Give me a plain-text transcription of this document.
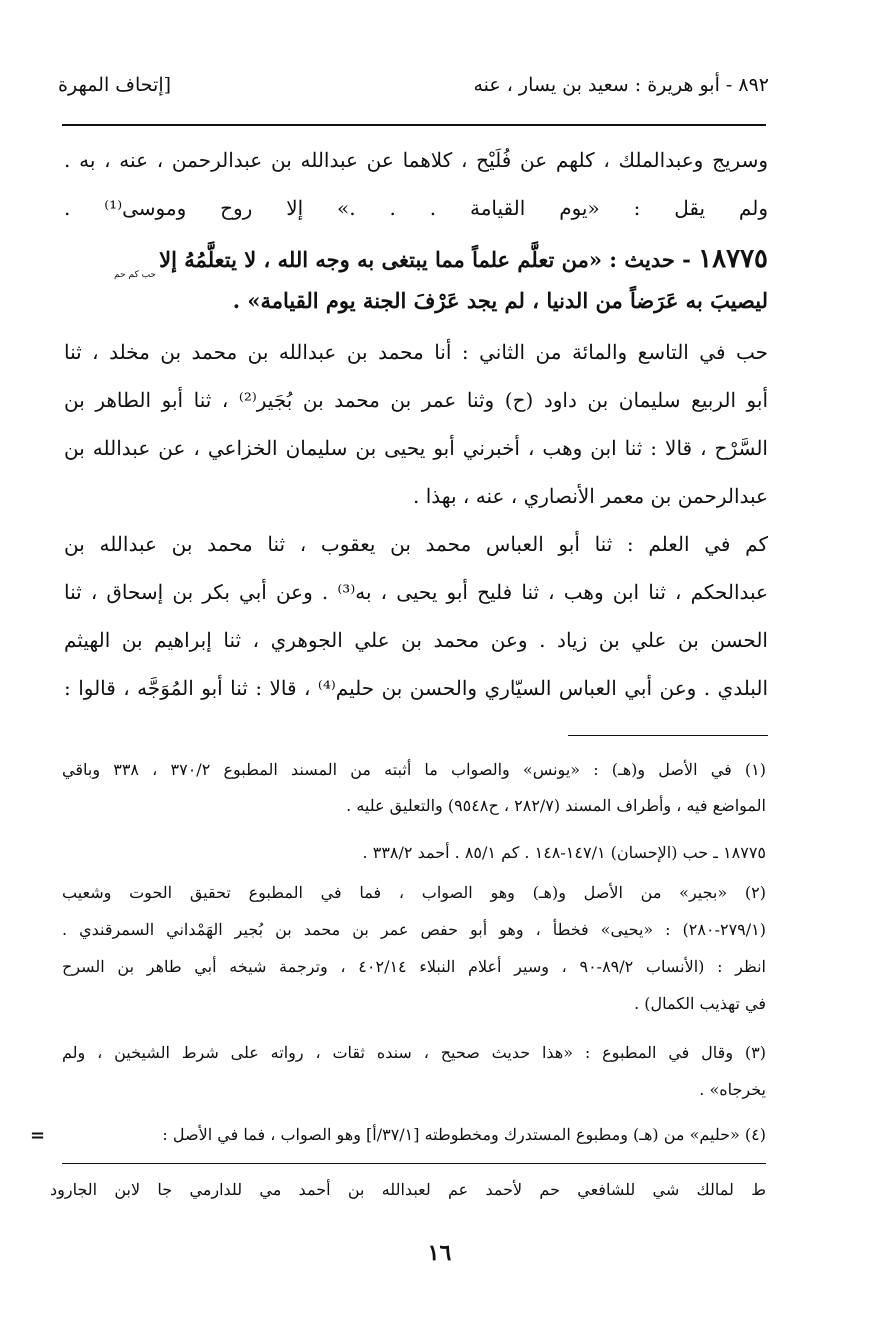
٨٩٢ - أبو هريرة : سعيد بن يسار ، عنه
[إتحاف المهرة
وسريج وعبدالملك ، كلهم عن فُلَيْح ، كلاهما عن عبدالله بن عبدالرحمن ، عنه ، به .
ولم يقل : «يوم القيامة . . .» إلا روح وموسى⁽¹⁾ .
١٨٧٧٥ - حديث : «من تعلَّم علماً مما يبتغى به وجه الله ، لا يتعلَّمُهُ إلا
حب كم حم
ليصيبَ به عَرَضاً من الدنيا ، لم يجد عَرْفَ الجنة يوم القيامة» .
حب في التاسع والمائة من الثاني : أنا محمد بن عبدالله بن محمد بن مخلد ، ثنا
أبو الربيع سليمان بن داود (ح) وثنا عمر بن محمد بن بُجَير⁽²⁾ ، ثنا أبو الطاهر بن
السَّرْح ، قالا : ثنا ابن وهب ، أخبرني أبو يحيى بن سليمان الخزاعي ، عن عبدالله بن
عبدالرحمن بن معمر الأنصاري ، عنه ، بهذا .
كم في العلم : ثنا أبو العباس محمد بن يعقوب ، ثنا محمد بن عبدالله بن
عبدالحكم ، ثنا ابن وهب ، ثنا فليح أبو يحيى ، به⁽³⁾ . وعن أبي بكر بن إسحاق ، ثنا
الحسن بن علي بن زياد . وعن محمد بن علي الجوهري ، ثنا إبراهيم بن الهيثم
البلدي . وعن أبي العباس السيّاري والحسن بن حليم⁽⁴⁾ ، قالا : ثنا أبو المُوَجَّه ، قالوا :
(١) في الأصل و(هـ) : «يونس» والصواب ما أثبته من المسند المطبوع ٣٧٠/٢ ، ٣٣٨ وباقي
المواضع فيه ، وأطراف المسند (٢٨٢/٧ ، ح٩٥٤٨) والتعليق عليه .
١٨٧٧٥ ـ حب (الإحسان) ١٤٧/١-١٤٨ . كم ٨٥/١ . أحمد ٣٣٨/٢ .
(٢) «بجير» من الأصل و(هـ) وهو الصواب ، فما في المطبوع تحقيق الحوت وشعيب
(٢٧٩/١-٢٨٠) : «يحيى» فخطأ ، وهو أبو حفص عمر بن محمد بن بُجير الهَمْداني السمرقندي .
انظر : (الأنساب ٨٩/٢-٩٠ ، وسير أعلام النبلاء ٤٠٢/١٤ ، وترجمة شيخه أبي طاهر بن السرح
في تهذيب الكمال) .
(٣) وقال في المطبوع : «هذا حديث صحيح ، سنده ثقات ، رواته على شرط الشيخين ، ولم
يخرجاه» .
(٤) «حليم» من (هـ) ومطبوع المستدرك ومخطوطته [٣٧/١/أ] وهو الصواب ، فما في الأصل :
=
ط لمالك شي للشافعي حم لأحمد عم لعبدالله بن أحمد مي للدارمي جا لابن الجارود
١٦
